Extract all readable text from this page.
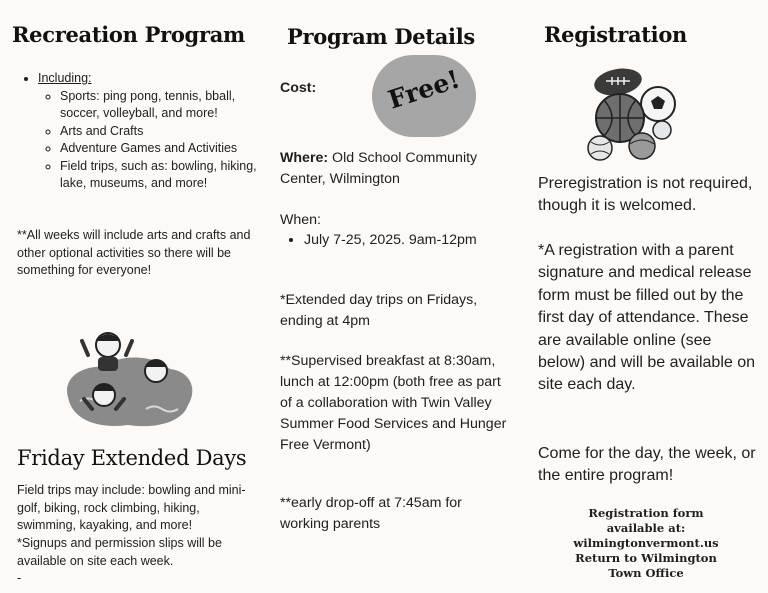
Recreation Program
• Including:
◦ Sports: ping pong, tennis, bball, soccer, volleyball, and more!
◦ Arts and Crafts
◦ Adventure Games and Activities
◦ Field trips, such as: bowling, hiking, lake, museums, and more!

**All weeks will include arts and crafts and other optional activities so there will be something for everyone!

Friday Extended Days

Field trips may include: bowling and mini-golf, biking, rock climbing, hiking, swimming, kayaking, and more!

*Signups and permission slips will be available on site each week.

-

Program Details

Cost:	Free!

Where: Old School Community Center, Wilmington

When:

• July 7-25, 2025. 9am-12pm

*Extended day trips on Fridays, ending at 4pm

**Supervised breakfast at 8:30am, lunch at 12:00pm (both free as part of a collaboration with Twin Valley Summer Food Services and Hunger Free Vermont)

**early drop-off at 7:45am for working parents

Registration

Preregistration is not required, though it is welcomed.

*A registration with a parent signature and medical release form must be filled out by the first day of attendance. These are available online (see below) and will be available on site each day.

Come for the day, the week, or the entire program!

Registration form
available at:
wilmingtonvermont.us
Return to Wilmington
Town Office
